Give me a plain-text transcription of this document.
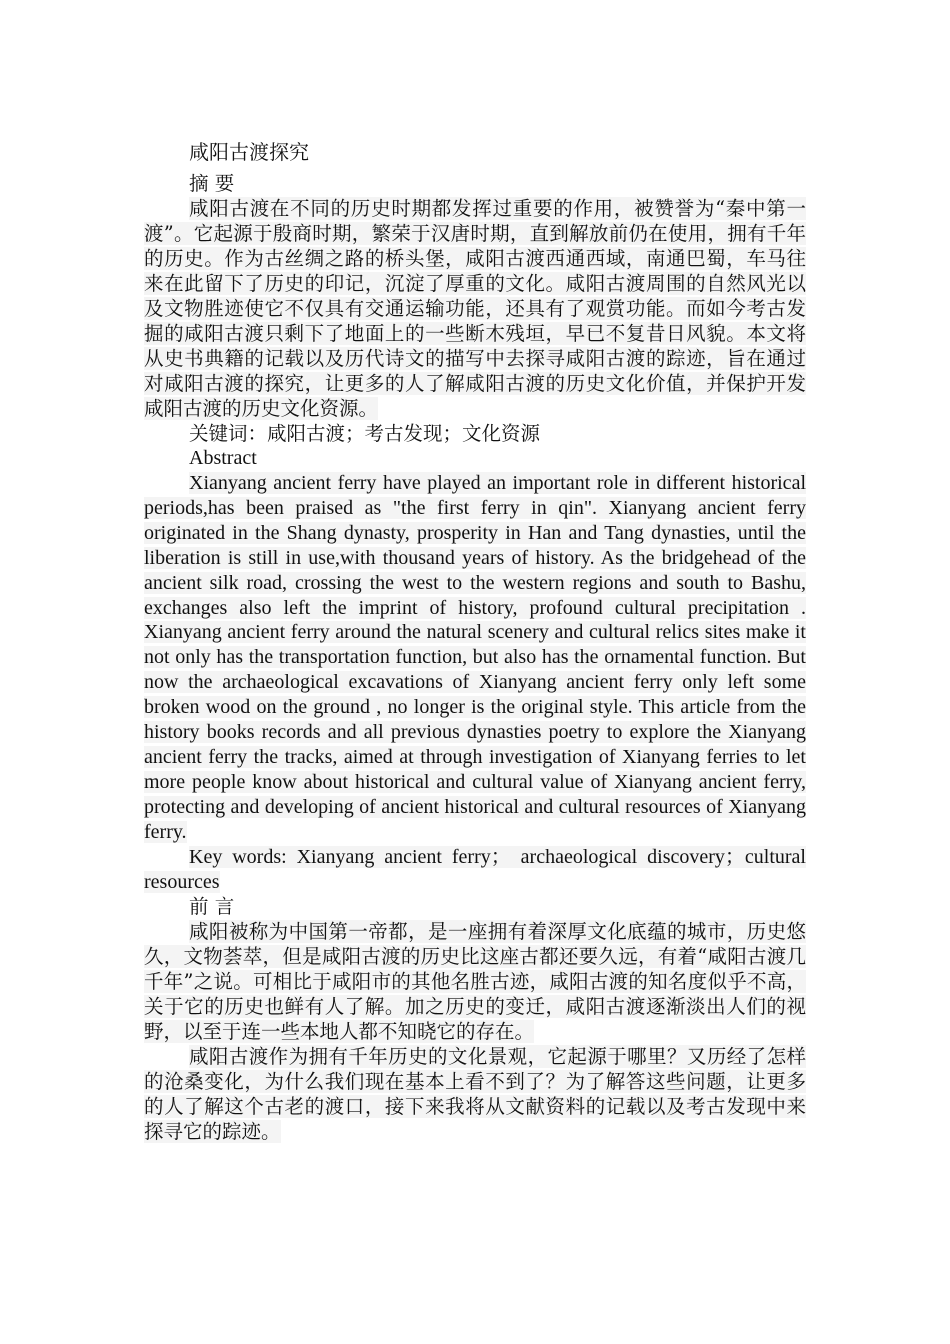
咸阳古渡探究

摘 要

咸阳古渡在不同的历史时期都发挥过重要的作用，被赞誉为“秦中第一渡”。它起源于殷商时期，繁荣于汉唐时期，直到解放前仍在使用，拥有千年的历史。作为古丝绸之路的桥头堡，咸阳古渡西通西域，南通巴蜀，车马往来在此留下了历史的印记，沉淀了厚重的文化。咸阳古渡周围的自然风光以及文物胜迹使它不仅具有交通运输功能，还具有了观赏功能。而如今考古发掘的咸阳古渡只剩下了地面上的一些断木残垣，早已不复昔日风貌。本文将从史书典籍的记载以及历代诗文的描写中去探寻咸阳古渡的踪迹，旨在通过对咸阳古渡的探究，让更多的人了解咸阳古渡的历史文化价值，并保护开发咸阳古渡的历史文化资源。

关键词：咸阳古渡；考古发现；文化资源

Abstract

Xianyang ancient ferry have played an important role in different historical periods,has been praised as "the first ferry in qin". Xianyang ancient ferry originated in the Shang dynasty, prosperity in Han and Tang dynasties, until the liberation is still in use,with thousand years of history. As the bridgehead of the ancient silk road, crossing the west to the western regions and south to Bashu, exchanges also left the imprint of history, profound cultural precipitation . Xianyang ancient ferry around the natural scenery and cultural relics sites make it not only has the transportation function, but also has the ornamental function. But now the archaeological excavations of Xianyang ancient ferry only left some broken wood on the ground , no longer is the original style. This article from the history books records and all previous dynasties poetry to explore the Xianyang ancient ferry the tracks, aimed at through investigation of Xianyang ferries to let more people know about historical and cultural value of Xianyang ancient ferry, protecting and developing of ancient historical and cultural resources of Xianyang ferry.

Key words: Xianyang ancient ferry； archaeological discovery；cultural resources

前 言

咸阳被称为中国第一帝都，是一座拥有着深厚文化底蕴的城市，历史悠久，文物荟萃，但是咸阳古渡的历史比这座古都还要久远，有着“咸阳古渡几千年”之说。可相比于咸阳市的其他名胜古迹，咸阳古渡的知名度似乎不高，关于它的历史也鲜有人了解。加之历史的变迁，咸阳古渡逐渐淡出人们的视野，以至于连一些本地人都不知晓它的存在。

咸阳古渡作为拥有千年历史的文化景观，它起源于哪里？又历经了怎样的沧桑变化，为什么我们现在基本上看不到了？为了解答这些问题，让更多的人了解这个古老的渡口，接下来我将从文献资料的记载以及考古发现中来探寻它的踪迹。
